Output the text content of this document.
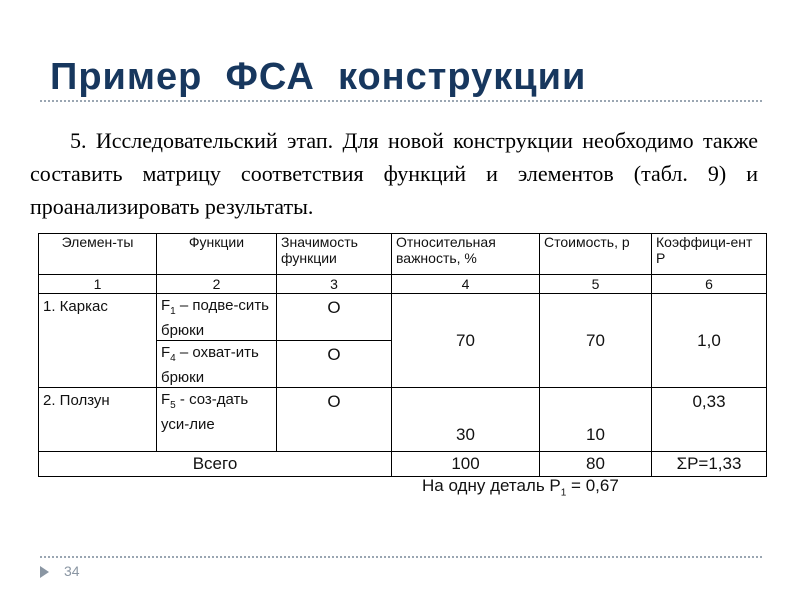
Пример  ФСА  конструкции
5. Исследовательский этап. Для новой конструкции необходимо также составить матрицу соответствия функций и элементов (табл. 9) и проанализировать результаты.
Элемен-ты	Функции	Значимость функции	Относительная важность, %	Стоимость, р	Коэффици-ент Р
1	2	3	4	5	6
1. Каркас	$F_1$ – подве-сить брюки	O	70	70	1,0
	$F_4$ – охват-ить брюки	O			
2. Ползун	$F_5$ - соз-дать уси-лие	O	30	10	0,33
Всего			100	80	ΣР=1,33
На одну деталь $Р_1 = 0,67$
34
